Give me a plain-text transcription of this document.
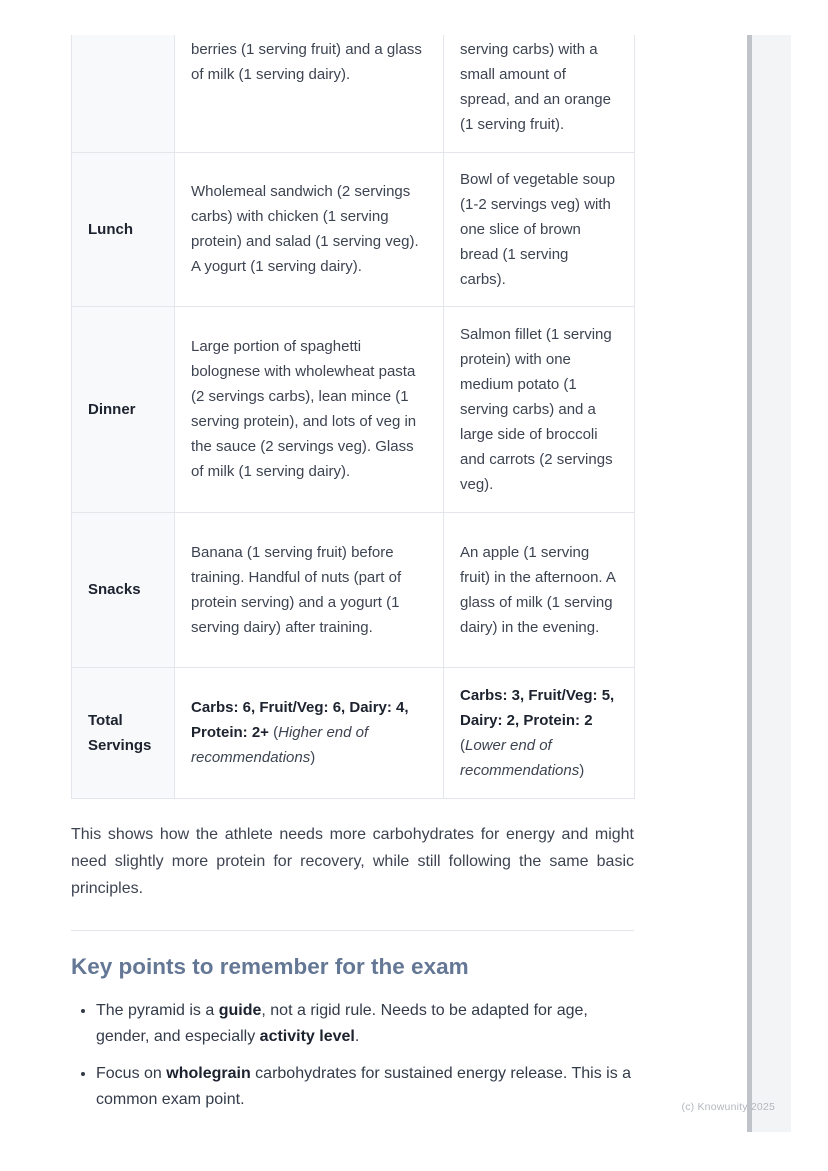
	berries (1 serving fruit) and a glass of milk (1 serving dairy).	serving carbs) with a small amount of spread, and an orange (1 serving fruit).
Lunch	Wholemeal sandwich (2 servings carbs) with chicken (1 serving protein) and salad (1 serving veg). A yogurt (1 serving dairy).	Bowl of vegetable soup (1-2 servings veg) with one slice of brown bread (1 serving carbs).
Dinner	Large portion of spaghetti bolognese with wholewheat pasta (2 servings carbs), lean mince (1 serving protein), and lots of veg in the sauce (2 servings veg). Glass of milk (1 serving dairy).	Salmon fillet (1 serving protein) with one medium potato (1 serving carbs) and a large side of broccoli and carrots (2 servings veg).
Snacks	Banana (1 serving fruit) before training. Handful of nuts (part of protein serving) and a yogurt (1 serving dairy) after training.	An apple (1 serving fruit) in the afternoon. A glass of milk (1 serving dairy) in the evening.
Total Servings	Carbs: 6, Fruit/Veg: 6, Dairy: 4, Protein: 2+ (Higher end of recommendations)	Carbs: 3, Fruit/Veg: 5, Dairy: 2, Protein: 2 (Lower end of recommendations)

This shows how the athlete needs more carbohydrates for energy and might need slightly more protein for recovery, while still following the same basic principles.

Key points to remember for the exam
• The pyramid is a guide, not a rigid rule. Needs to be adapted for age, gender, and especially activity level.
• Focus on wholegrain carbohydrates for sustained energy release. This is a common exam point.	(c) Knowunity 2025
